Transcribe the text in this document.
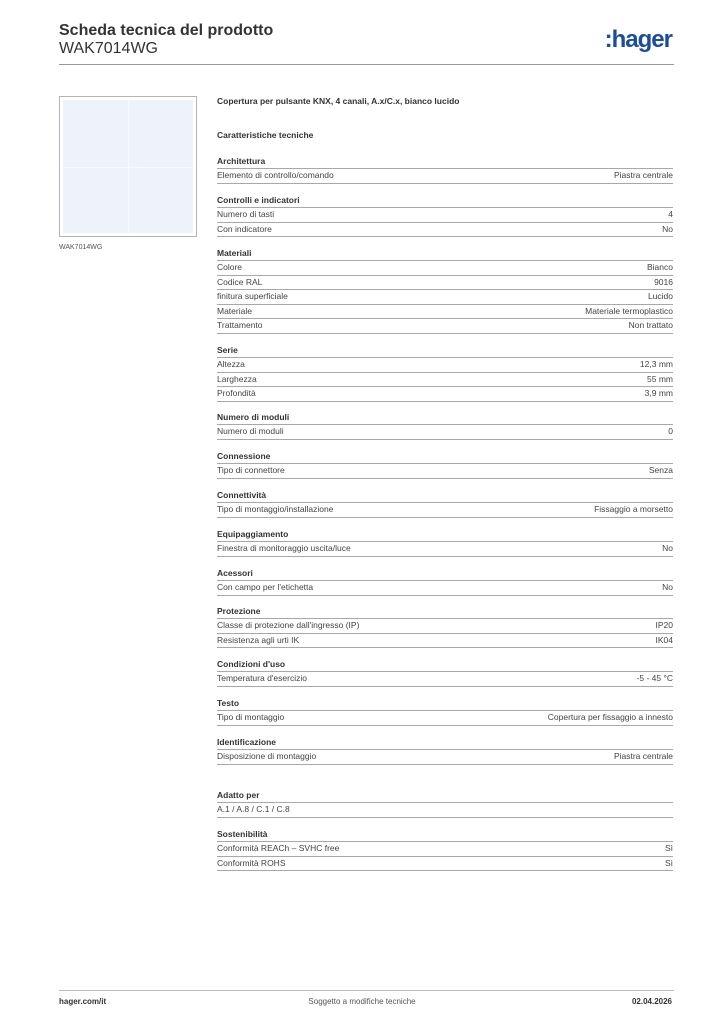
Scheda tecnica del prodotto
WAK7014WG	:hager
WAK7014WG
Copertura per pulsante KNX, 4 canali, A.x/C.x, bianco lucido
Caratteristiche tecniche
Architettura
Elemento di controllo/comando	Piastra centrale
Controlli e indicatori
Numero di tasti	4
Con indicatore	No
Materiali
Colore	Bianco
Codice RAL	9016
finitura superficiale	Lucido
Materiale	Materiale termoplastico
Trattamento	Non trattato
Serie
Altezza	12,3 mm
Larghezza	55 mm
Profondità	3,9 mm
Numero di moduli
Numero di moduli	0
Connessione
Tipo di connettore	Senza
Connettività
Tipo di montaggio/installazione	Fissaggio a morsetto
Equipaggiamento
Finestra di monitoraggio uscita/luce	No
Acessori
Con campo per l'etichetta	No
Protezione
Classe di protezione dall'ingresso (IP)	IP20
Resistenza agli urti IK	IK04
Condizioni d'uso
Temperatura d'esercizio	-5 - 45 °C
Testo
Tipo di montaggio	Copertura per fissaggio a innesto
Identificazione
Disposizione di montaggio	Piastra centrale
Adatto per
A.1 / A.8 / C.1 / C.8
Sostenibilità
Conformità REACh – SVHC free	Sì
Conformità ROHS	Sì
hager.com/it	Soggetto a modifiche tecniche	02.04.2026
